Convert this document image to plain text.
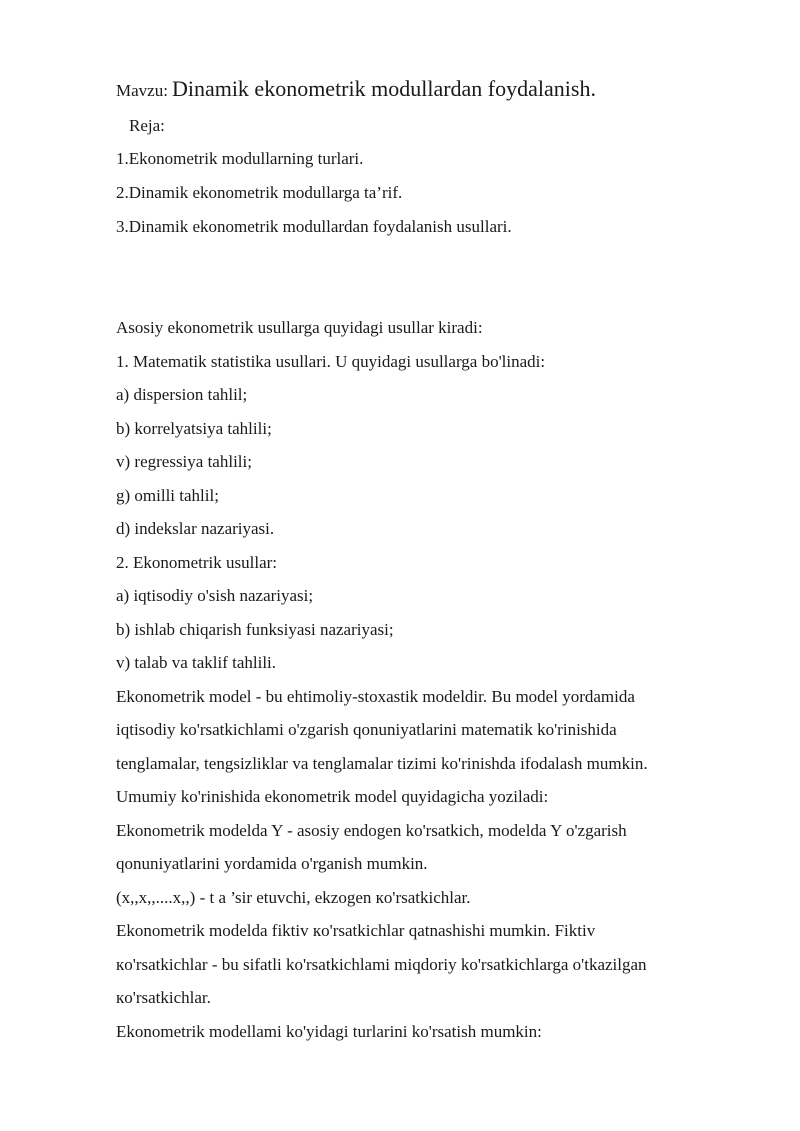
Mavzu: Dinamik ekonometrik modullardan foydalanish.
Reja:
1.Ekonometrik modullarning turlari.
2.Dinamik ekonometrik modullarga ta’rif.
3.Dinamik ekonometrik modullardan foydalanish usullari.
Asosiy ekonometrik usullarga quyidagi usullar kiradi:
1. Matematik statistika usullari. U quyidagi usullarga bo'linadi:
a) dispersion tahlil;
b) korrelyatsiya tahlili;
v) regressiya tahlili;
g) omilli tahlil;
d) indekslar nazariyasi.
2. Ekonometrik usullar:
a) iqtisodiy o'sish nazariyasi;
b) ishlab chiqarish funksiyasi nazariyasi;
v) talab va taklif tahlili.
Ekonometrik model - bu ehtimoliy-stoxastik modeldir. Bu model yordamida
iqtisodiy ko'rsatkichlami o'zgarish qonuniyatlarini matematik ko'rinishida
tenglamalar, tengsizliklar va tenglamalar tizimi ko'rinishda ifodalash mumkin.
Umumiy ko'rinishida ekonometrik model quyidagicha yoziladi:
Ekonometrik modelda Y - asosiy endogen ko'rsatkich, modelda Y o'zgarish
qonuniyatlarini yordamida o'rganish mumkin.
(x,,x,,....x,,) - t a ’sir etuvchi, ekzogen кo'rsatkichlar.
Ekonometrik modelda fiktiv кo'rsatkichlar qatnashishi mumkin. Fiktiv
кo'rsatkichlar - bu sifatli ko'rsatkichlami miqdoriy ko'rsatkichlarga o'tkazilgan
кo'rsatkichlar.
Ekonometrik modellami ko'yidagi turlarini ko'rsatish mumkin:
